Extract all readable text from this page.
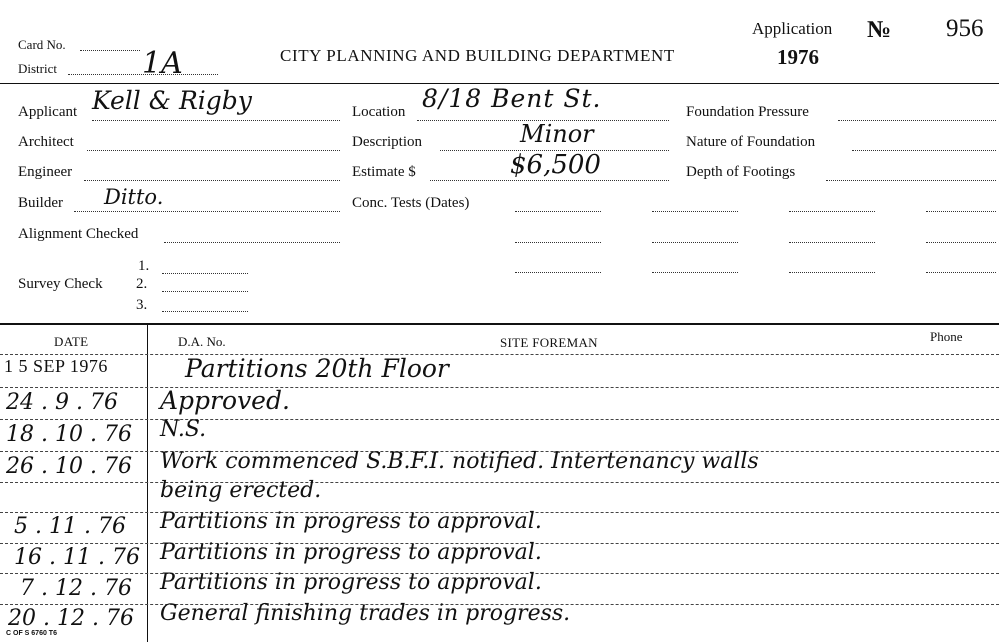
Card No.
District	1A	CITY PLANNING AND BUILDING DEPARTMENT
Application
1976
№ 956
Applicant Kell & Rigby
Architect
Engineer
Builder Ditto.
Alignment Checked
Survey Check
1.
2.
3.
Location 8/18 Bent St.
Description	Minor
Estimate $	$6,500
Conc. Tests (Dates)
Foundation Pressure
Nature of Foundation
Depth of Footings
DATE	D.A. No.	SITE FOREMAN	Phone
1 5 SEP 1976	Partitions 20th Floor
24 . 9 . 76 Approved.
18 . 10 . 76 N.S.
26 . 10 . 76 Work commenced S.B.F.I. notified. Intertenancy walls
being erected.
5 . 11 . 76 Partitions in progress to approval.
16 . 11 . 76 Partitions in progress to approval.
7 . 12 . 76 Partitions in progress to approval.
20 . 12 . 76 General finishing trades in progress.
C OF S 6760 T6
